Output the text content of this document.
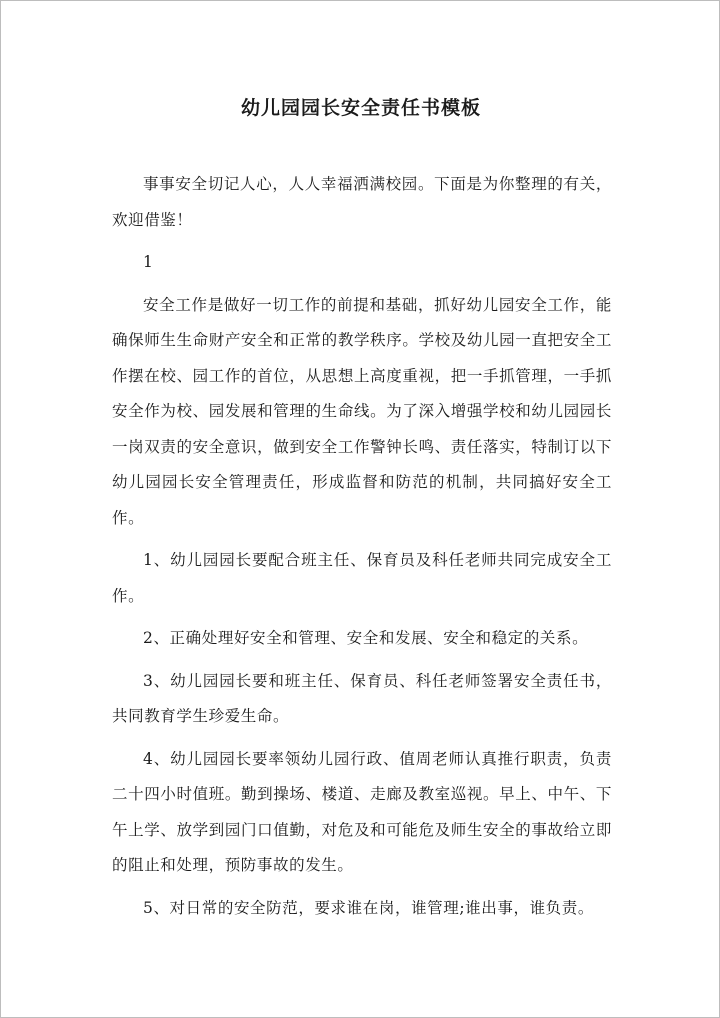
幼儿园园长安全责任书模板

事事安全切记人心，人人幸福洒满校园。下面是为你整理的有关，欢迎借鉴！

1

安全工作是做好一切工作的前提和基础，抓好幼儿园安全工作，能确保师生生命财产安全和正常的教学秩序。学校及幼儿园一直把安全工作摆在校、园工作的首位，从思想上高度重视，把一手抓管理，一手抓安全作为校、园发展和管理的生命线。为了深入增强学校和幼儿园园长一岗双责的安全意识，做到安全工作警钟长鸣、责任落实，特制订以下幼儿园园长安全管理责任，形成监督和防范的机制，共同搞好安全工作。

1、幼儿园园长要配合班主任、保育员及科任老师共同完成安全工作。

2、正确处理好安全和管理、安全和发展、安全和稳定的关系。

3、幼儿园园长要和班主任、保育员、科任老师签署安全责任书，共同教育学生珍爱生命。

4、幼儿园园长要率领幼儿园行政、值周老师认真推行职责，负责二十四小时值班。勤到操场、楼道、走廊及教室巡视。早上、中午、下午上学、放学到园门口值勤，对危及和可能危及师生安全的事故给立即的阻止和处理，预防事故的发生。

5、对日常的安全防范，要求谁在岗，谁管理;谁出事，谁负责。
